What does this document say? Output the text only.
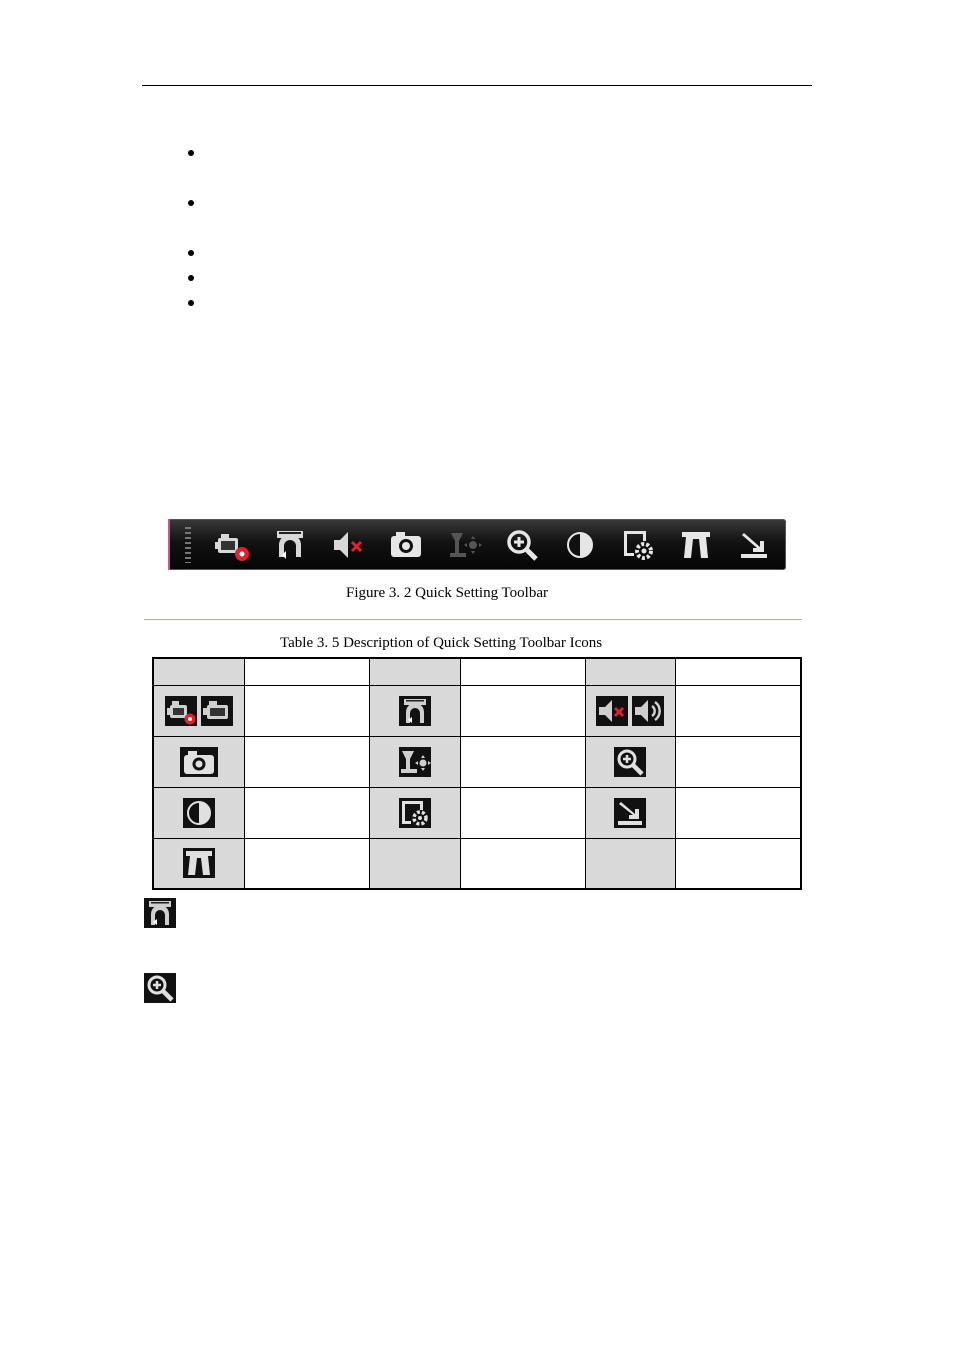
Figure 3. 2 Quick Setting Toolbar
Table 3. 5 Description of Quick Setting Toolbar Icons
